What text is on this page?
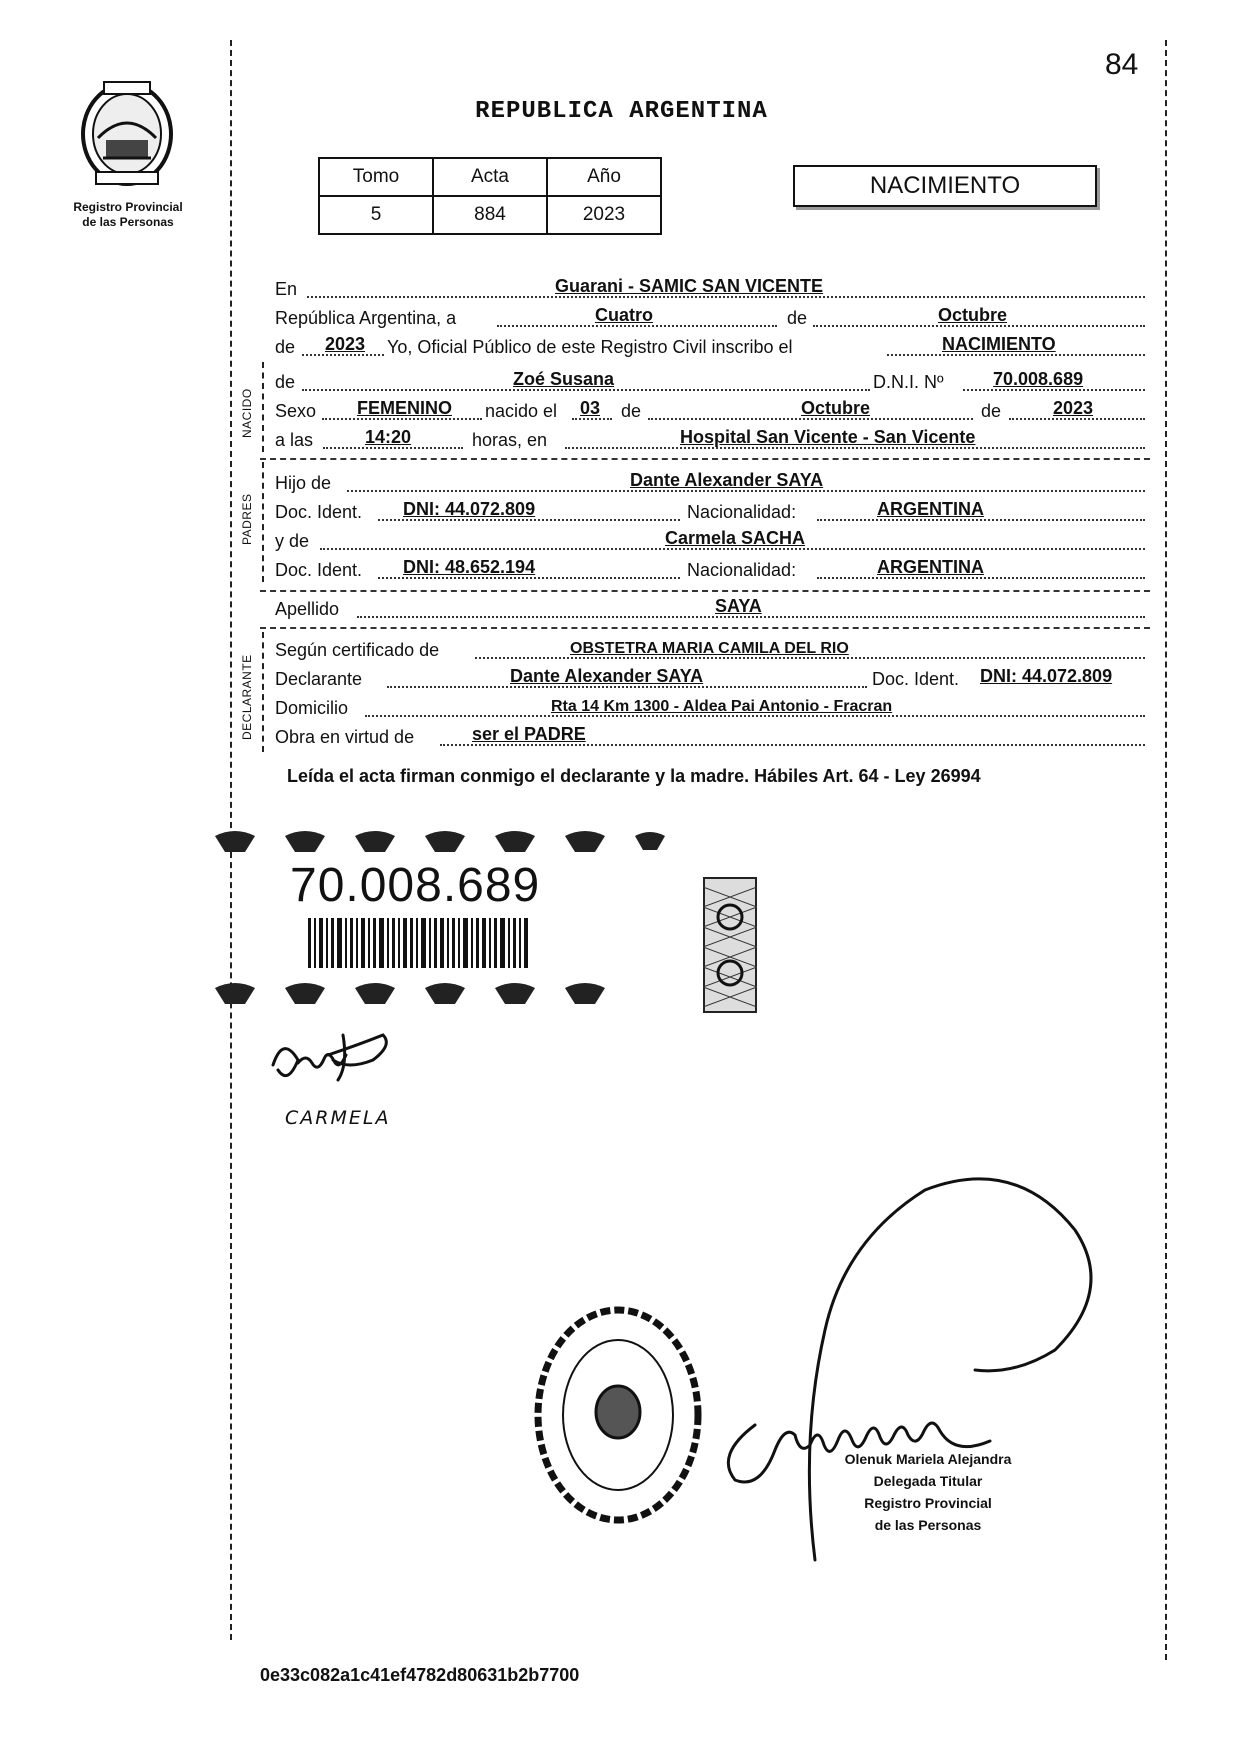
84
Registro Provincial
de las Personas
REPUBLICA ARGENTINA
Tomo	Acta	Año
5	884	2023
NACIMIENTO
En	Guarani - SAMIC SAN VICENTE
República Argentina, a	Cuatro	de	Octubre
de 2023 Yo, Oficial Público de este Registro Civil inscribo el	NACIMIENTO
NACIDO
de	Zoé Susana	D.N.I. Nº	70.008.689
Sexo FEMENINO nacido el 03 de	Octubre	de	2023
a las	14:20	horas, en	Hospital San Vicente - San Vicente
PADRES
Hijo de	Dante Alexander SAYA
Doc. Ident. DNI: 44.072.809	Nacionalidad:	ARGENTINA
y de	Carmela SACHA
Doc. Ident. DNI: 48.652.194	Nacionalidad:	ARGENTINA
Apellido	SAYA
DECLARANTE
Según certificado de	OBSTETRA MARIA CAMILA DEL RIO
Declarante	Dante Alexander SAYA	Doc. Ident. DNI: 44.072.809
Domicilio	Rta 14 Km 1300 - Aldea Pai Antonio - Fracran
Obra en virtud de	ser el PADRE
Leída el acta firman conmigo el declarante y la madre. Hábiles Art. 64 - Ley 26994
70.008.689
CARMELA
Olenuk Mariela Alejandra
Delegada Titular
Registro Provincial
de las Personas
0e33c082a1c41ef4782d80631b2b7700
